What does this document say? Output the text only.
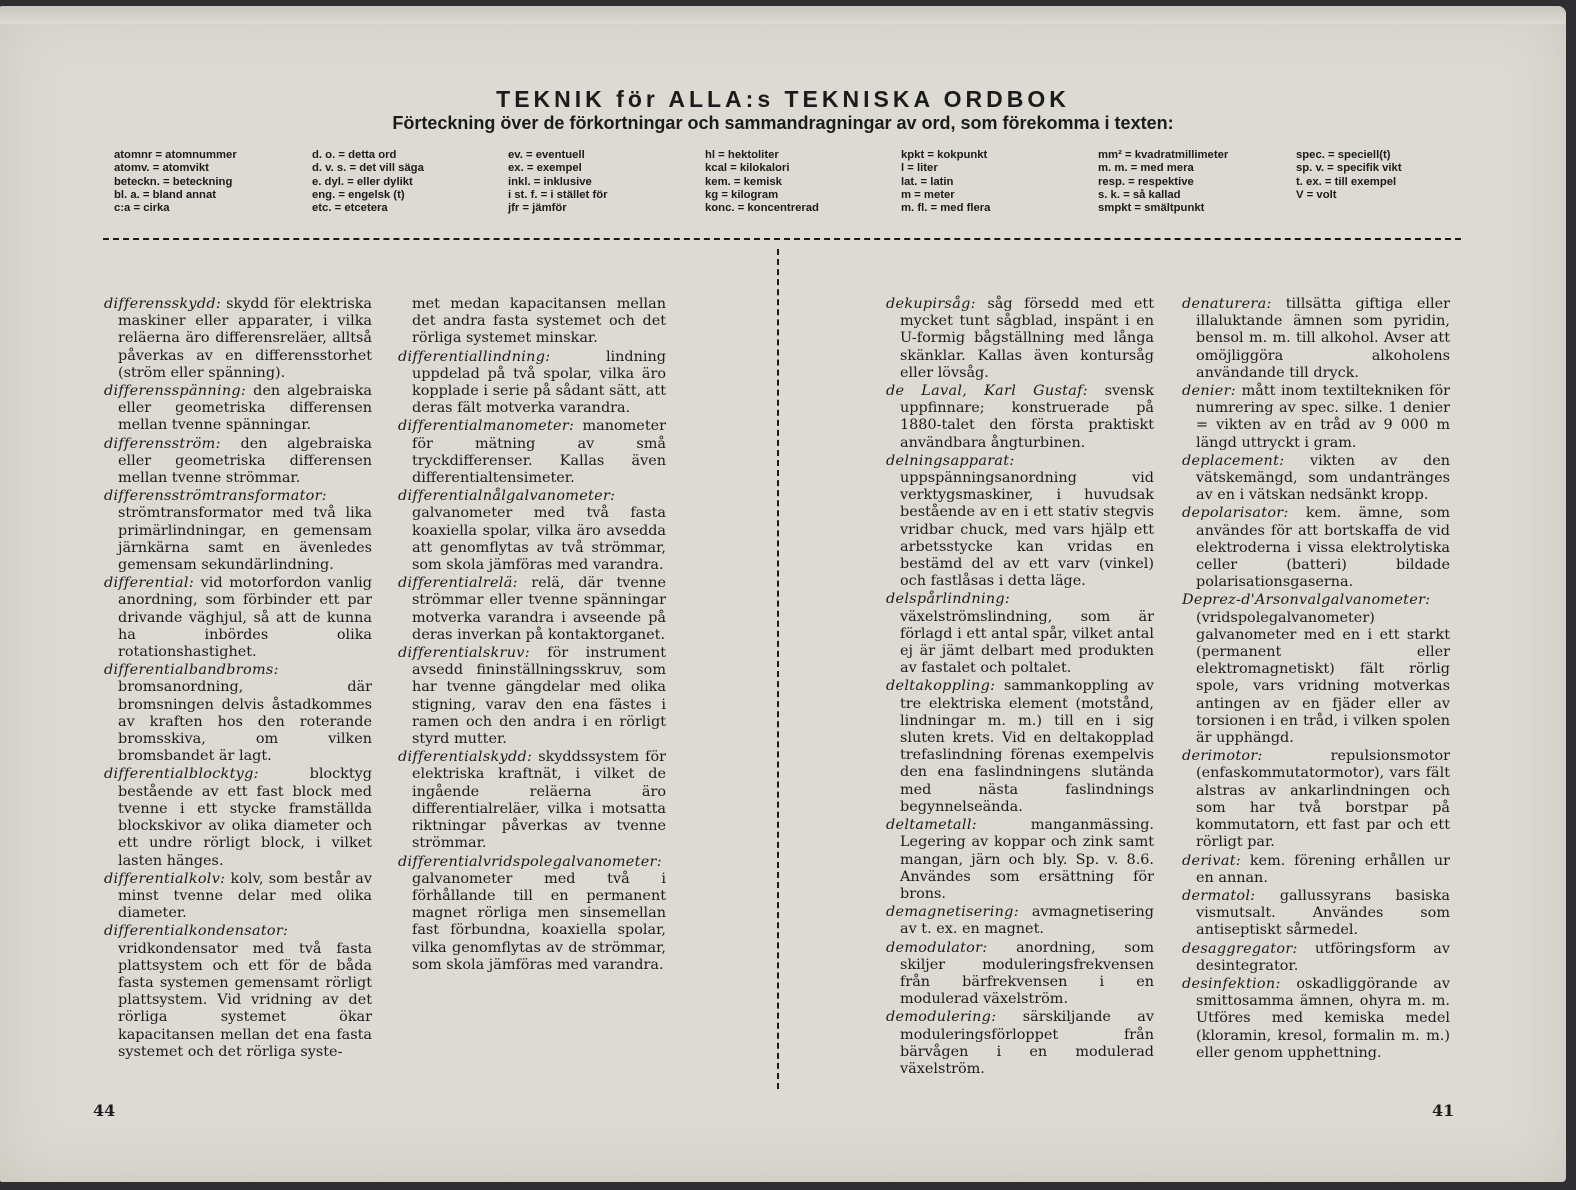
TEKNIK för ALLA:s TEKNISKA ORDBOK
Förteckning över de förkortningar och sammandragningar av ord, som förekomma i texten:
atomnr = atomnummer
atomv. = atomvikt
beteckn. = beteckning
bl. a. = bland annat
c:a = cirka
d. o. = detta ord
d. v. s. = det vill säga
e. dyl. = eller dylikt
eng. = engelsk (t)
etc. = etcetera
ev. = eventuell
ex. = exempel
inkl. = inklusive
i st. f. = i stället för
jfr = jämför
hl = hektoliter
kcal = kilokalori
kem. = kemisk
kg = kilogram
konc. = koncentrerad
kpkt = kokpunkt
l = liter
lat. = latin
m = meter
m. fl. = med flera
mm² = kvadratmillimeter
m. m. = med mera
resp. = respektive
s. k. = så kallad
smpkt = smältpunkt
spec. = speciell(t)
sp. v. = specifik vikt
t. ex. = till exempel
V = volt
differensskydd: skydd för elektriska maskiner eller apparater, i vilka reläerna äro differensreläer, alltså påverkas av en differensstorhet (ström eller spänning).
differensspänning: den algebraiska eller geometriska differensen mellan tvenne spänningar.
differensström: den algebraiska eller geometriska differensen mellan tvenne strömmar.
differensströmtransformator: strömtransformator med två lika primärlindningar, en gemensam järnkärna samt en ävenledes gemensam sekundärlindning.
differential: vid motorfordon vanlig anordning, som förbinder ett par drivande väghjul, så att de kunna ha inbördes olika rotationshastighet.
differentialbandbroms: bromsanordning, där bromsningen delvis åstadkommes av kraften hos den roterande bromsskiva, om vilken bromsbandet är lagt.
differentialblocktyg:	blocktyg bestående av ett fast block med tvenne i ett stycke framställda blockskivor av olika diameter och ett undre rörligt block, i vilket lasten hänges.
differentialkolv: kolv, som består av minst tvenne delar med olika diameter.
differentialkondensator: vridkondensator med två fasta plattsystem och ett för de båda fasta systemen gemensamt rörligt plattsystem. Vid vridning av det rörliga systemet ökar kapacitansen mellan det ena fasta systemet och det rörliga syste-
met medan kapacitansen mellan det andra fasta systemet och det rörliga systemet minskar.
differentiallindning:	lindning uppdelad på två spolar, vilka äro kopplade i serie på sådant sätt, att deras fält motverka varandra.
differentialmanometer: manometer för mätning av små tryckdifferenser. Kallas även differentialtensimeter.
differentialnålgalvanometer: galvanometer med två fasta koaxiella spolar, vilka äro avsedda att genomflytas av två strömmar, som skola jämföras med varandra.
differentialrelä: relä, där tvenne strömmar eller tvenne spänningar motverka varandra i avseende på deras inverkan på kontaktorganet.
differentialskruv: för instrument avsedd fininställningsskruv, som har tvenne gängdelar med olika stigning, varav den ena fästes i ramen och den andra i en rörligt styrd mutter.
differentialskydd: skyddssystem för elektriska kraftnät, i vilket de ingående reläerna äro differentialreläer, vilka i motsatta riktningar påverkas av tvenne strömmar.
differentialvridspolegalvanometer: galvanometer med två i förhållande till en permanent magnet rörliga men sinsemellan fast förbundna, koaxiella spolar, vilka genomflytas av de strömmar, som skola jämföras med varandra.
dekupirsåg: såg försedd med ett mycket tunt sågblad, inspänt i en U-formig bågställning med långa skänklar. Kallas även kontursåg eller lövsåg.
de Laval, Karl Gustaf: svensk uppfinnare; konstruerade på 1880-talet den första praktiskt användbara ångturbinen.
delningsapparat: uppspänningsanordning vid verktygsmaskiner, i huvudsak bestående av en i ett stativ stegvis vridbar chuck, med vars hjälp ett arbetsstycke kan vridas en bestämd del av ett varv (vinkel) och fastlåsas i detta läge.
delspårlindning: växelströmslindning, som är förlagd i ett antal spår, vilket antal ej är jämt delbart med produkten av fastalet och poltalet.
deltakoppling: sammankoppling av tre elektriska element (motstånd, lindningar m. m.) till en i sig sluten krets. Vid en deltakopplad trefaslindning förenas exempelvis den ena faslindningens slutända med nästa faslindnings begynnelseända.
deltametall:	manganmässing. Legering av koppar och zink samt mangan, järn och bly. Sp. v. 8.6. Användes som ersättning för brons.
demagnetisering: avmagnetisering av t. ex. en magnet.
demodulator: anordning, som skiljer moduleringsfrekvensen från bärfrekvensen i en modulerad växelström.
demodulering: särskiljande av moduleringsförloppet från bärvågen i en modulerad växelström.
denaturera: tillsätta giftiga eller illaluktande ämnen som pyridin, bensol m. m. till alkohol. Avser att omöjliggöra alkoholens användande till dryck.
denier: mått inom textiltekniken för numrering av spec. silke. 1 denier = vikten av en tråd av 9 000 m längd uttryckt i gram.
deplacement: vikten av den vätskemängd, som undantränges av en i vätskan nedsänkt kropp.
depolarisator: kem. ämne, som användes för att bortskaffa de vid elektroderna i vissa elektrolytiska celler (batteri) bildade polarisationsgaserna.
Deprez-d'Arsonvalgalvanometer: (vridspolegalvanometer) galvanometer med en i ett starkt (permanent eller elektromagnetiskt) fält rörlig spole, vars vridning motverkas antingen av en fjäder eller av torsionen i en tråd, i vilken spolen är upphängd.
derimotor:	repulsionsmotor (enfaskommutatormotor), vars fält alstras av ankarlindningen och som har två borstpar på kommutatorn, ett fast par och ett rörligt par.
derivat: kem. förening erhållen ur en annan.
dermatol: gallussyrans basiska vismutsalt. Användes som antiseptiskt sårmedel.
desaggregator: utföringsform av desintegrator.
desinfektion: oskadliggörande av smittosamma ämnen, ohyra m. m. Utföres med kemiska medel (kloramin, kresol, formalin m. m.) eller genom upphettning.
44	41
